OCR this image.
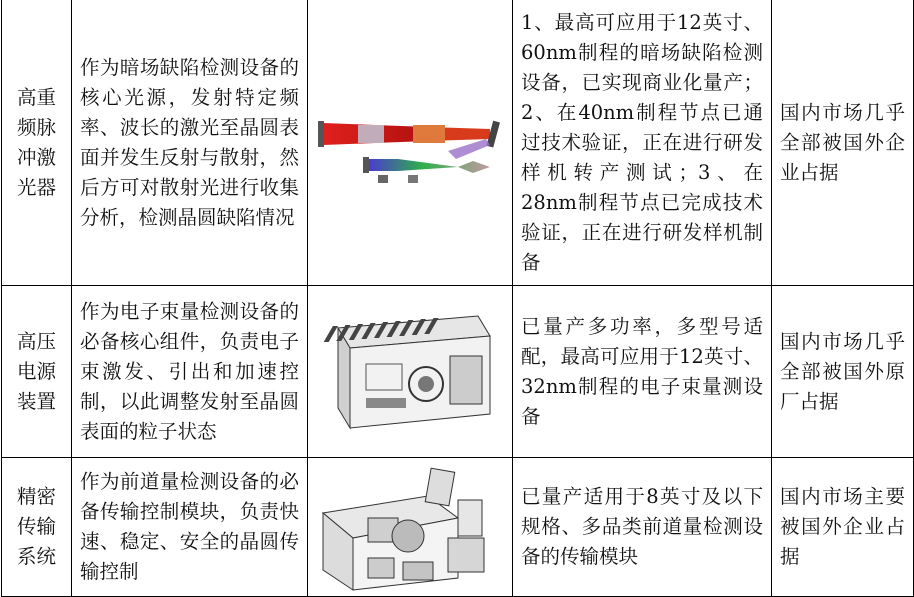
高重频脉冲激光器	作为暗场缺陷检测设备的核心光源，发射特定频率、波长的激光至晶圆表面并发生反射与散射，然后方可对散射光进行收集分析，检测晶圆缺陷情况		1、最高可应用于12英寸、60nm制程的暗场缺陷检测设备，已实现商业化量产；2、在40nm制程节点已通过技术验证，正在进行研发样机转产测试；3、在28nm制程节点已完成技术验证，正在进行研发样机制备	国内市场几乎全部被国外企业占据
高压电源装置	作为电子束量检测设备的必备核心组件，负责电子束激发、引出和加速控制，以此调整发射至晶圆表面的粒子状态		已量产多功率，多型号适配，最高可应用于12英寸、32nm制程的电子束量测设备	国内市场几乎全部被国外原厂占据
精密传输系统	作为前道量检测设备的必备传输控制模块，负责快速、稳定、安全的晶圆传输控制		已量产适用于8英寸及以下规格、多品类前道量检测设备的传输模块	国内市场主要被国外企业占据
